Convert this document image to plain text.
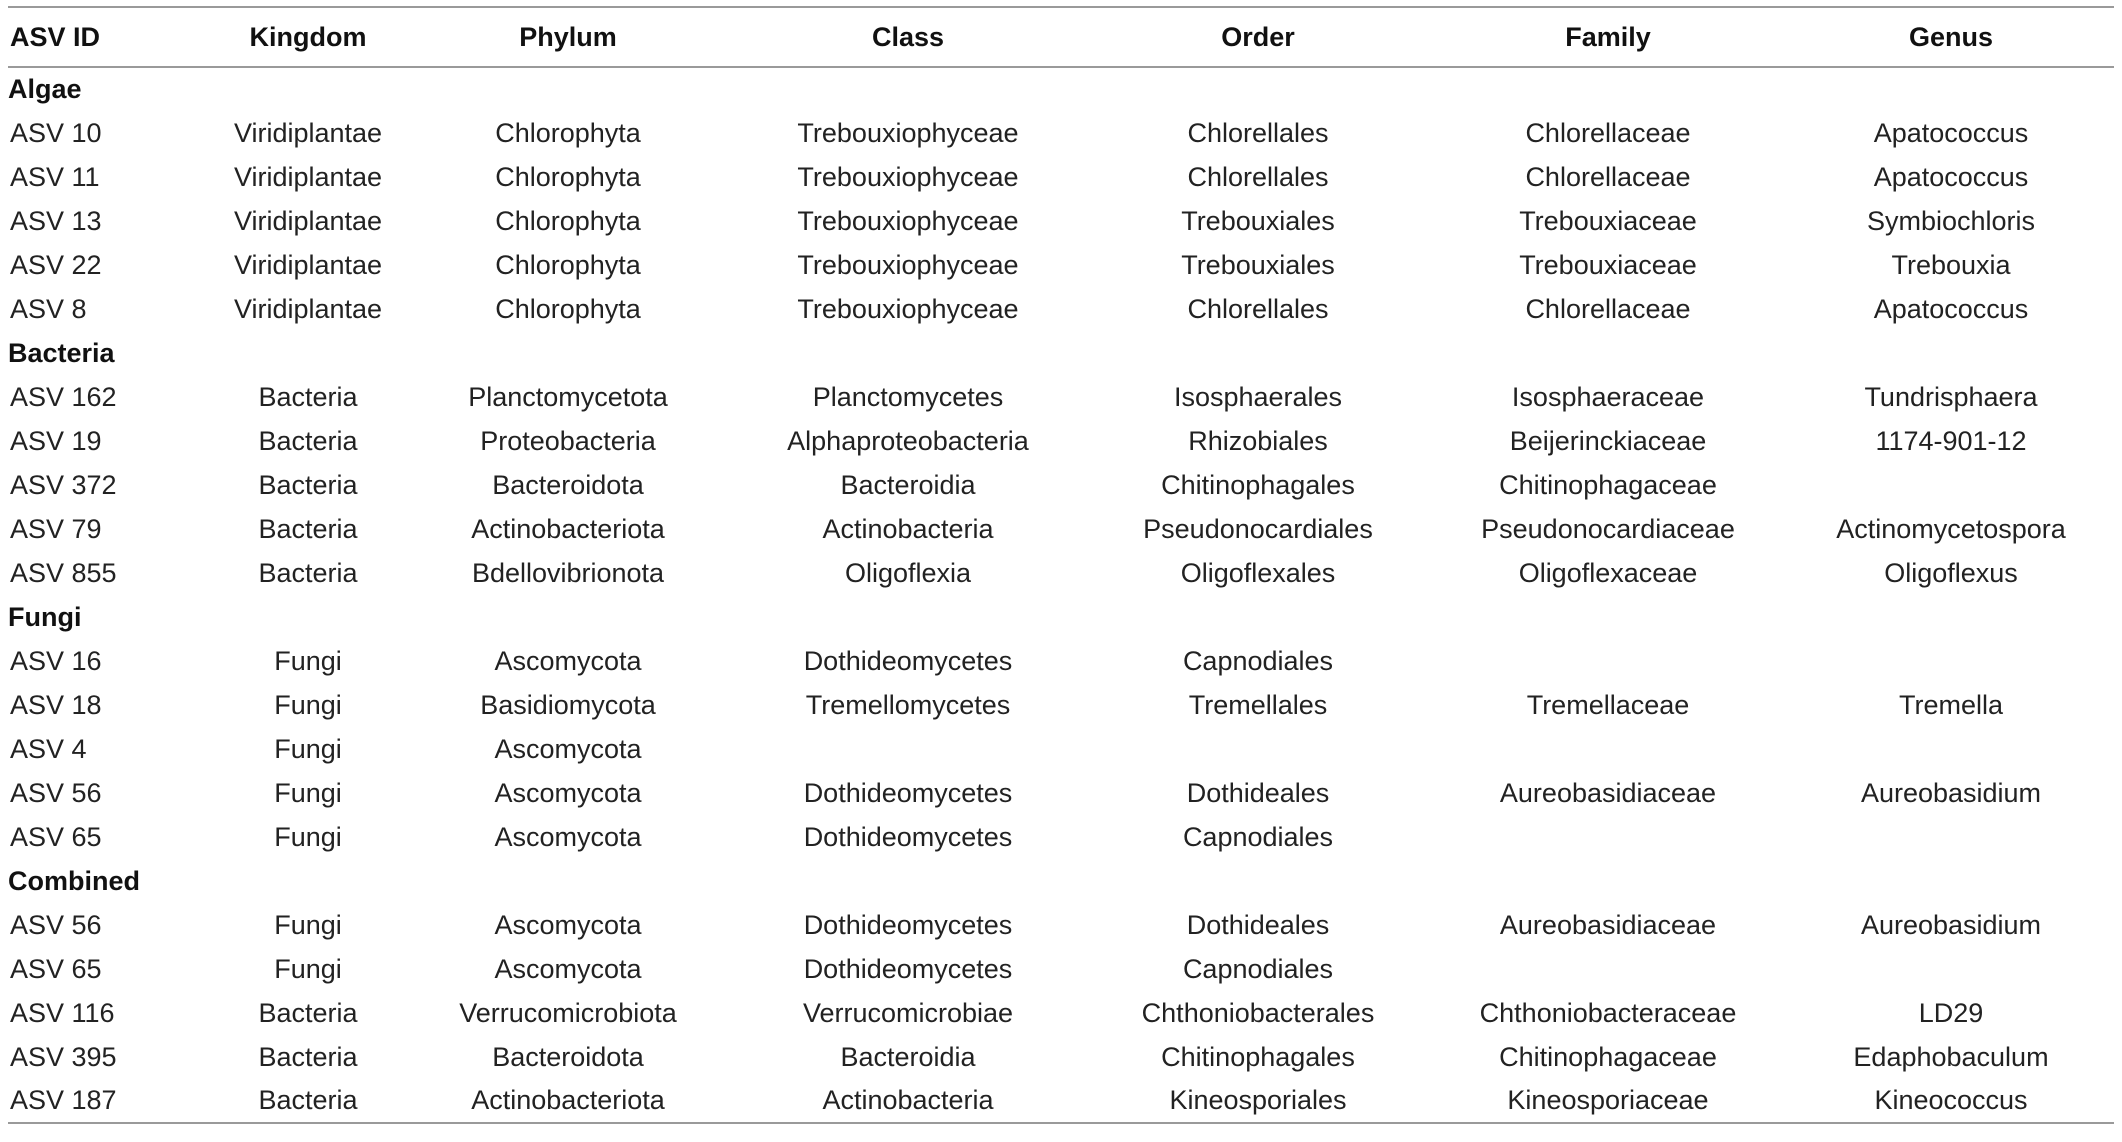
ASV ID	Kingdom	Phylum	Class	Order	Family	Genus
Algae						
ASV 10	Viridiplantae	Chlorophyta	Trebouxiophyceae	Chlorellales	Chlorellaceae	Apatococcus
ASV 11	Viridiplantae	Chlorophyta	Trebouxiophyceae	Chlorellales	Chlorellaceae	Apatococcus
ASV 13	Viridiplantae	Chlorophyta	Trebouxiophyceae	Trebouxiales	Trebouxiaceae	Symbiochloris
ASV 22	Viridiplantae	Chlorophyta	Trebouxiophyceae	Trebouxiales	Trebouxiaceae	Trebouxia
ASV 8	Viridiplantae	Chlorophyta	Trebouxiophyceae	Chlorellales	Chlorellaceae	Apatococcus
Bacteria						
ASV 162	Bacteria	Planctomycetota	Planctomycetes	Isosphaerales	Isosphaeraceae	Tundrisphaera
ASV 19	Bacteria	Proteobacteria	Alphaproteobacteria	Rhizobiales	Beijerinckiaceae	1174-901-12
ASV 372	Bacteria	Bacteroidota	Bacteroidia	Chitinophagales	Chitinophagaceae	
ASV 79	Bacteria	Actinobacteriota	Actinobacteria	Pseudonocardiales	Pseudonocardiaceae	Actinomycetospora
ASV 855	Bacteria	Bdellovibrionota	Oligoflexia	Oligoflexales	Oligoflexaceae	Oligoflexus
Fungi						
ASV 16	Fungi	Ascomycota	Dothideomycetes	Capnodiales		
ASV 18	Fungi	Basidiomycota	Tremellomycetes	Tremellales	Tremellaceae	Tremella
ASV 4	Fungi	Ascomycota				
ASV 56	Fungi	Ascomycota	Dothideomycetes	Dothideales	Aureobasidiaceae	Aureobasidium
ASV 65	Fungi	Ascomycota	Dothideomycetes	Capnodiales		
Combined						
ASV 56	Fungi	Ascomycota	Dothideomycetes	Dothideales	Aureobasidiaceae	Aureobasidium
ASV 65	Fungi	Ascomycota	Dothideomycetes	Capnodiales		
ASV 116	Bacteria	Verrucomicrobiota	Verrucomicrobiae	Chthoniobacterales	Chthoniobacteraceae	LD29
ASV 395	Bacteria	Bacteroidota	Bacteroidia	Chitinophagales	Chitinophagaceae	Edaphobaculum
ASV 187	Bacteria	Actinobacteriota	Actinobacteria	Kineosporiales	Kineosporiaceae	Kineococcus
